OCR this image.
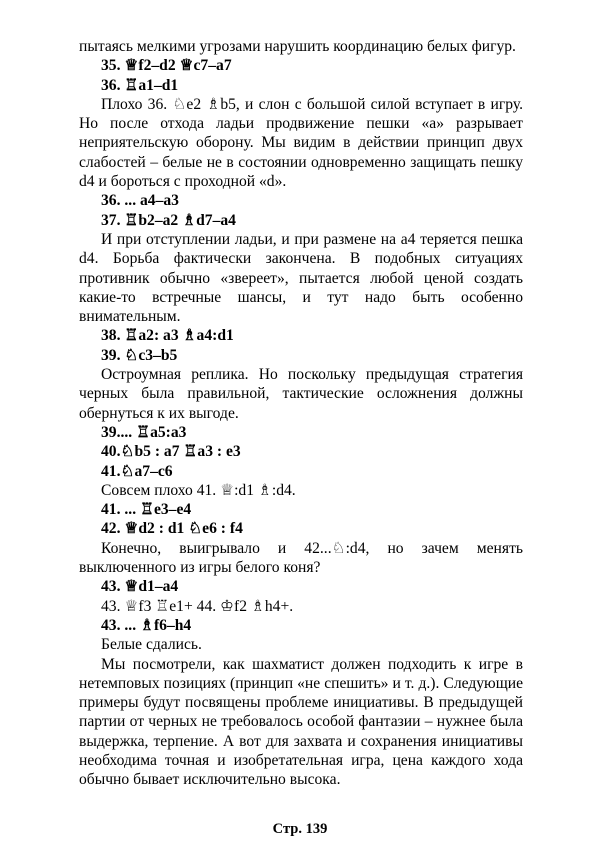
пытаясь мелкими угрозами нарушить координацию белых фигур.

35. ♕f2–d2 ♕c7–a7

36. ♖a1–d1

Плохо 36. ♘e2 ♗b5, и слон с большой силой вступает в игру. Но после отхода ладьи продвижение пешки «а» разрывает неприятельскую оборону. Мы видим в действии принцип двух слабостей – белые не в состоянии одновременно защищать пешку d4 и бороться с проходной «d».

36. ... a4–a3

37. ♖b2–a2 ♗d7–a4

И при отступлении ладьи, и при размене на а4 теряется пешка d4. Борьба фактически закончена. В подобных ситуациях противник обычно «звереет», пытается любой ценой создать какие-то встречные шансы, и тут надо быть особенно внимательным.

38. ♖a2: a3 ♗a4:d1

39. ♘c3–b5

Остроумная реплика. Но поскольку предыдущая стратегия черных была правильной, тактические осложнения должны обернуться к их выгоде.

39.... ♖a5:a3

40.♘b5 : a7 ♖a3 : e3

41.♘a7–c6

Совсем плохо 41. ♕:d1 ♗:d4.

41. ... ♖e3–e4

42. ♕d2 : d1 ♘e6 : f4

Конечно, выигрывало и 42...♘:d4, но зачем менять выключенного из игры белого коня?

43. ♕d1–a4

43. ♕f3 ♖e1+ 44. ♔f2 ♗h4+.

43. ... ♗f6–h4

Белые сдались.

Мы посмотрели, как шахматист должен подходить к игре в нетемповых позициях (принцип «не спешить» и т. д.). Следующие примеры будут посвящены проблеме инициативы. В предыдущей партии от черных не требовалось особой фантазии – нужнее была выдержка, терпение. А вот для захвата и сохранения инициативы необходима точная и изобретательная игра, цена каждого хода обычно бывает исключительно высока.

Стр. 139
